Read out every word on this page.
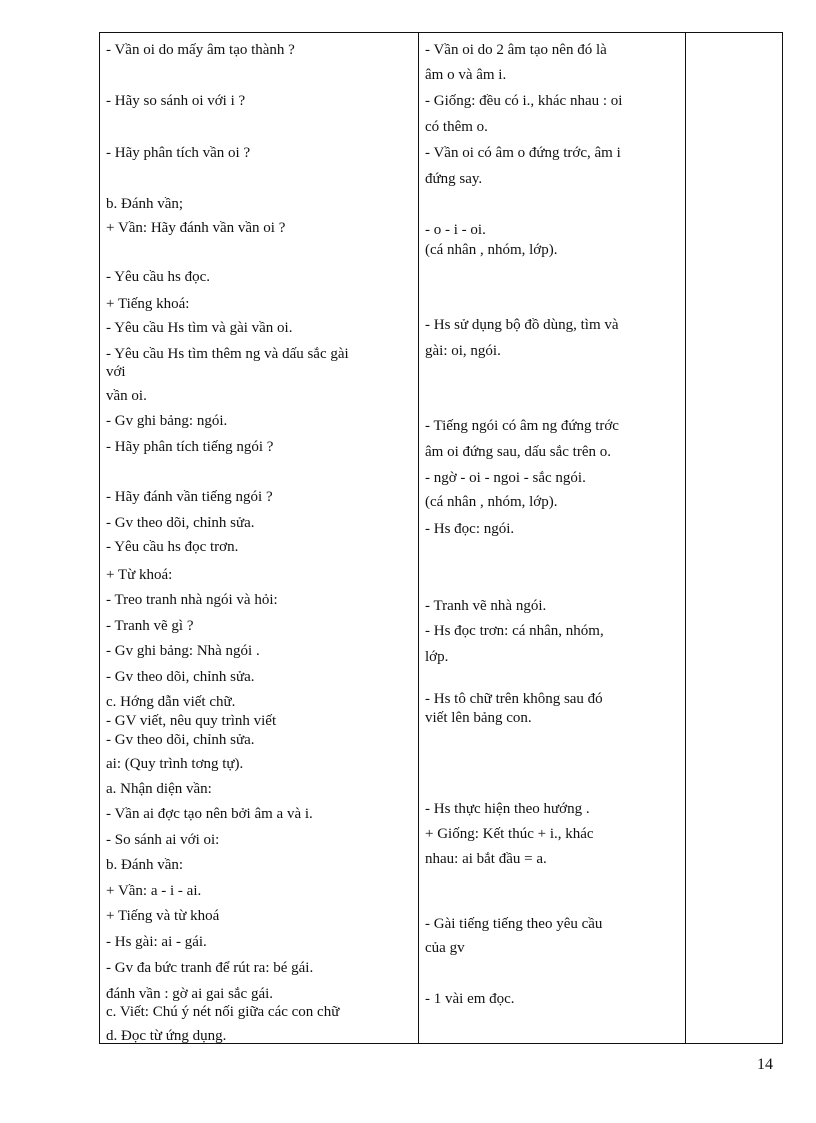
- Vần oi do mấy âm tạo thành ?
- Hãy so sánh oi với i ?
- Hãy phân tích vần oi ?
b. Đánh vần;
+ Vần: Hãy đánh vần vần oi ?
- Yêu cầu hs đọc.
+ Tiếng khoá:
- Yêu cầu Hs tìm và gài vần oi.
- Yêu cầu Hs tìm thêm ng và dấu sắc gài
với
vần oi.
- Gv ghi bảng: ngói.
- Hãy phân tích tiếng ngói ?
- Hãy đánh vần tiếng ngói ?
- Gv theo dõi, chỉnh sửa.
- Yêu cầu hs đọc trơn.
+ Từ khoá:
- Treo tranh nhà ngói và hỏi:
- Tranh vẽ gì ?
- Gv ghi bảng: Nhà ngói .
- Gv theo dõi, chỉnh sửa.
c. Hớng dẫn viết chữ.
- GV viết, nêu quy trình viết
- Gv theo dõi, chỉnh sửa.
ai: (Quy trình tơng tự).
a. Nhận diện vần:
- Vần ai đợc tạo nên bởi âm a và i.
- So sánh ai với oi:
b. Đánh vần:
+ Vần: a - i - ai.
+ Tiếng và từ khoá
- Hs gài: ai - gái.
- Gv đa bức tranh để rút ra: bé gái.
đánh vần : gờ ai gai sắc gái.
c. Viết: Chú ý nét nối giữa các con chữ
d. Đọc từ ứng dụng.
- Vần oi do 2 âm tạo nên đó là
âm o và âm i.
- Giống: đều có i., khác nhau : oi
có thêm o.
- Vần oi có âm o đứng trớc, âm i
đứng say.
- o - i - oi.
(cá nhân , nhóm, lớp).
- Hs sử dụng bộ đồ dùng, tìm và
gài: oi, ngói.
- Tiếng ngói có âm ng đứng trớc
âm oi đứng sau, dấu sắc trên o.
- ngờ - oi - ngoi - sắc ngói.
(cá nhân , nhóm, lớp).
- Hs đọc: ngói.
- Tranh vẽ nhà ngói.
- Hs đọc trơn: cá nhân, nhóm,
lớp.
- Hs tô chữ trên không sau đó
viết lên bảng con.
- Hs thực hiện theo hướng .
+ Giống: Kết thúc + i., khác
nhau: ai bắt đầu = a.
- Gài tiếng tiếng theo yêu cầu
của gv
- 1 vài em đọc.
14
